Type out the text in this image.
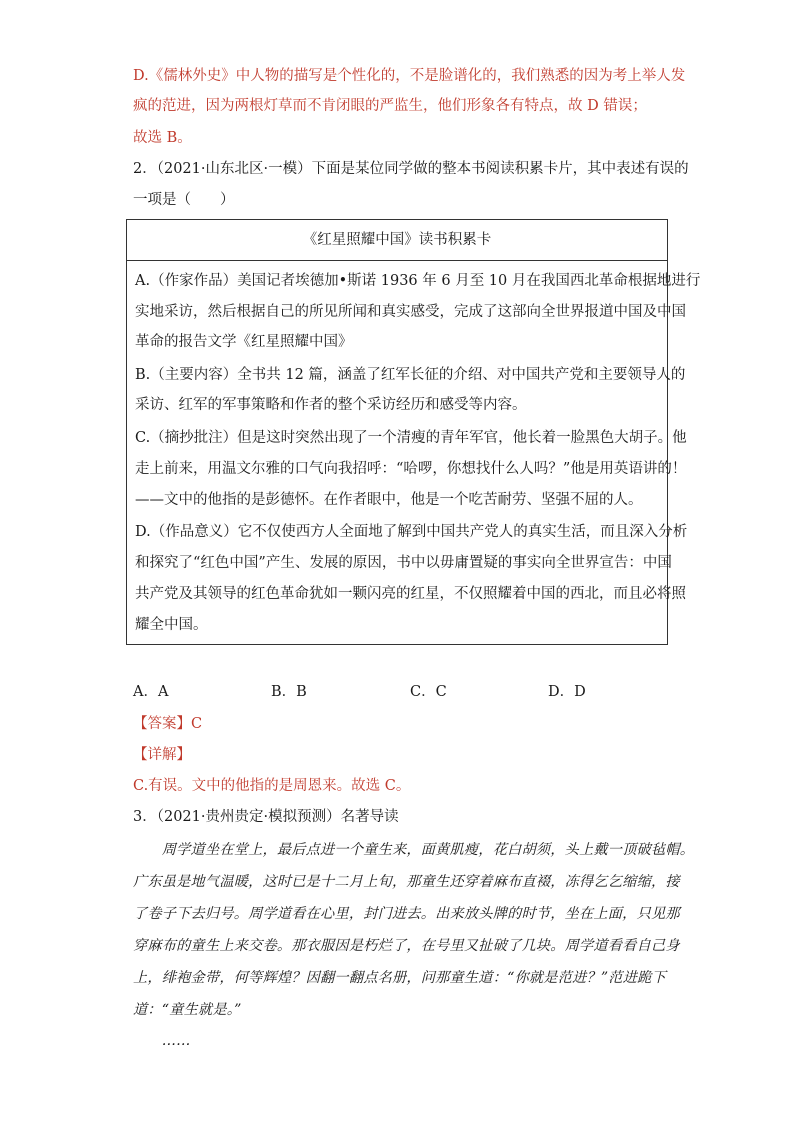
D.《儒林外史》中人物的描写是个性化的，不是脸谱化的，我们熟悉的因为考上举人发
疯的范进，因为两根灯草而不肯闭眼的严监生，他们形象各有特点，故 D 错误；
故选 B。
2．（2021·山东北区·一模）下面是某位同学做的整本书阅读积累卡片，其中表述有误的
一项是（　　）
《红星照耀中国》读书积累卡
A.（作家作品）美国记者埃德加•斯诺 1936 年 6 月至 10 月在我国西北革命根据地进行
实地采访，然后根据自己的所见所闻和真实感受，完成了这部向全世界报道中国及中国
革命的报告文学《红星照耀中国》
B.（主要内容）全书共 12 篇，涵盖了红军长征的介绍、对中国共产党和主要领导人的
采访、红军的军事策略和作者的整个采访经历和感受等内容。
C.（摘抄批注）但是这时突然出现了一个清瘦的青年军官，他长着一脸黑色大胡子。他
走上前来，用温文尔雅的口气向我招呼：“哈啰，你想找什么人吗？”他是用英语讲的！
——文中的他指的是彭德怀。在作者眼中，他是一个吃苦耐劳、坚强不屈的人。
D.（作品意义）它不仅使西方人全面地了解到中国共产党人的真实生活，而且深入分析
和探究了“红色中国”产生、发展的原因，书中以毋庸置疑的事实向全世界宣告：中国
共产党及其领导的红色革命犹如一颗闪亮的红星，不仅照耀着中国的西北，而且必将照
耀全中国。
A．A	B．B	C．C	D．D
【答案】C
【详解】
C.有误。文中的他指的是周恩来。故选 C。
3．（2021·贵州贵定·模拟预测）名著导读
　　周学道坐在堂上，最后点进一个童生来，面黄肌瘦，花白胡须，头上戴一顶破毡帽。
广东虽是地气温暖，这时已是十二月上旬，那童生还穿着麻布直裰，冻得乞乞缩缩，接
了卷子下去归号。周学道看在心里，封门进去。出来放头牌的时节，坐在上面，只见那
穿麻布的童生上来交卷。那衣服因是朽烂了，在号里又扯破了几块。周学道看看自己身
上，绯袍金带，何等辉煌？因翻一翻点名册，问那童生道：“你就是范进？”范进跪下
道：“童生就是。”
　　……
